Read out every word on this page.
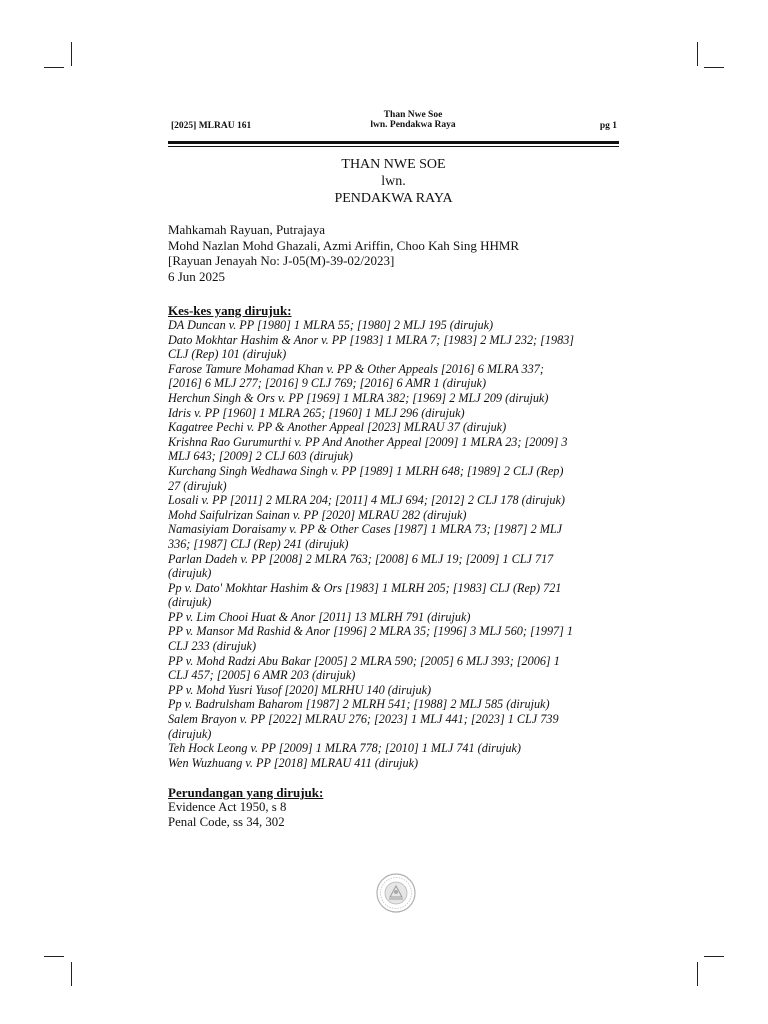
[2025] MLRAU 161
Than Nwe Soe
lwn. Pendakwa Raya	pg 1
THAN NWE SOE
lwn.
PENDAKWA RAYA
Mahkamah Rayuan, Putrajaya
Mohd Nazlan Mohd Ghazali, Azmi Ariffin, Choo Kah Sing HHMR
[Rayuan Jenayah No: J-05(M)-39-02/2023]
6 Jun 2025
Kes-kes yang dirujuk:
DA Duncan v. PP [1980] 1 MLRA 55; [1980] 2 MLJ 195 (dirujuk)
Dato Mokhtar Hashim & Anor v. PP [1983] 1 MLRA 7; [1983] 2 MLJ 232; [1983]
CLJ (Rep) 101 (dirujuk)
Farose Tamure Mohamad Khan v. PP & Other Appeals [2016] 6 MLRA 337;
[2016] 6 MLJ 277; [2016] 9 CLJ 769; [2016] 6 AMR 1 (dirujuk)
Herchun Singh & Ors v. PP [1969] 1 MLRA 382; [1969] 2 MLJ 209 (dirujuk)
Idris v. PP [1960] 1 MLRA 265; [1960] 1 MLJ 296 (dirujuk)
Kagatree Pechi v. PP & Another Appeal [2023] MLRAU 37 (dirujuk)
Krishna Rao Gurumurthi v. PP And Another Appeal [2009] 1 MLRA 23; [2009] 3
MLJ 643; [2009] 2 CLJ 603 (dirujuk)
Kurchang Singh Wedhawa Singh v. PP [1989] 1 MLRH 648; [1989] 2 CLJ (Rep)
27 (dirujuk)
Losali v. PP [2011] 2 MLRA 204; [2011] 4 MLJ 694; [2012] 2 CLJ 178 (dirujuk)
Mohd Saifulrizan Sainan v. PP [2020] MLRAU 282 (dirujuk)
Namasiyiam Doraisamy v. PP & Other Cases [1987] 1 MLRA 73; [1987] 2 MLJ
336; [1987] CLJ (Rep) 241 (dirujuk)
Parlan Dadeh v. PP [2008] 2 MLRA 763; [2008] 6 MLJ 19; [2009] 1 CLJ 717
(dirujuk)
Pp v. Dato' Mokhtar Hashim & Ors [1983] 1 MLRH 205; [1983] CLJ (Rep) 721
(dirujuk)
PP v. Lim Chooi Huat & Anor [2011] 13 MLRH 791 (dirujuk)
PP v. Mansor Md Rashid & Anor [1996] 2 MLRA 35; [1996] 3 MLJ 560; [1997] 1
CLJ 233 (dirujuk)
PP v. Mohd Radzi Abu Bakar [2005] 2 MLRA 590; [2005] 6 MLJ 393; [2006] 1
CLJ 457; [2005] 6 AMR 203 (dirujuk)
PP v. Mohd Yusri Yusof [2020] MLRHU 140 (dirujuk)
Pp v. Badrulsham Baharom [1987] 2 MLRH 541; [1988] 2 MLJ 585 (dirujuk)
Salem Brayon v. PP [2022] MLRAU 276; [2023] 1 MLJ 441; [2023] 1 CLJ 739
(dirujuk)
Teh Hock Leong v. PP [2009] 1 MLRA 778; [2010] 1 MLJ 741 (dirujuk)
Wen Wuzhuang v. PP [2018] MLRAU 411 (dirujuk)
Perundangan yang dirujuk:
Evidence Act 1950, s 8
Penal Code, ss 34, 302
